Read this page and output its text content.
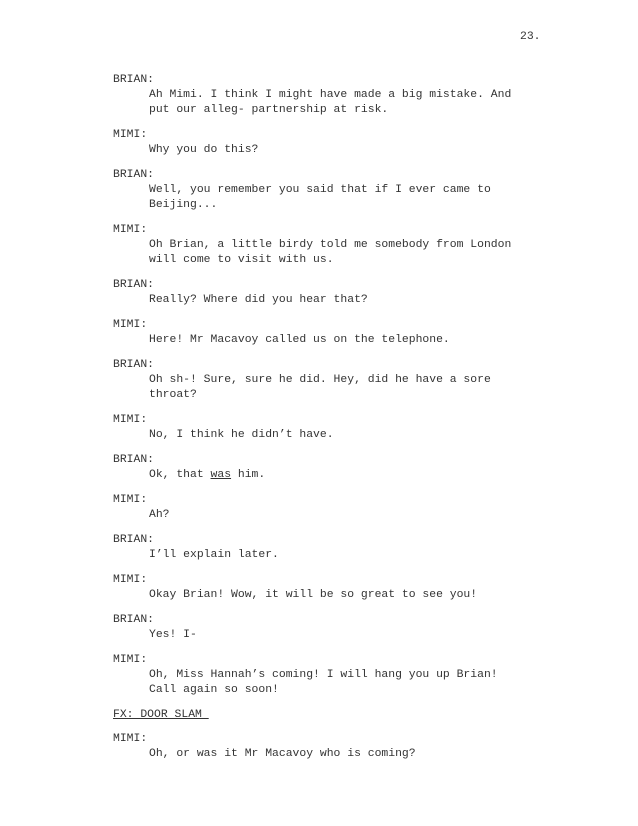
23.
BRIAN:
Ah Mimi. I think I might have made a big mistake. And
put our alleg- partnership at risk.
MIMI:
Why you do this?
BRIAN:
Well, you remember you said that if I ever came to
Beijing...
MIMI:
Oh Brian, a little birdy told me somebody from London
will come to visit with us.
BRIAN:
Really? Where did you hear that?
MIMI:
Here! Mr Macavoy called us on the telephone.
BRIAN:
Oh sh-! Sure, sure he did. Hey, did he have a sore
throat?
MIMI:
No, I think he didn’t have.
BRIAN:
Ok, that was him.
MIMI:
Ah?
BRIAN:
I’ll explain later.
MIMI:
Okay Brian! Wow, it will be so great to see you!
BRIAN:
Yes! I-
MIMI:
Oh, Miss Hannah’s coming! I will hang you up Brian!
Call again so soon!
FX: DOOR SLAM
MIMI:
Oh, or was it Mr Macavoy who is coming?
